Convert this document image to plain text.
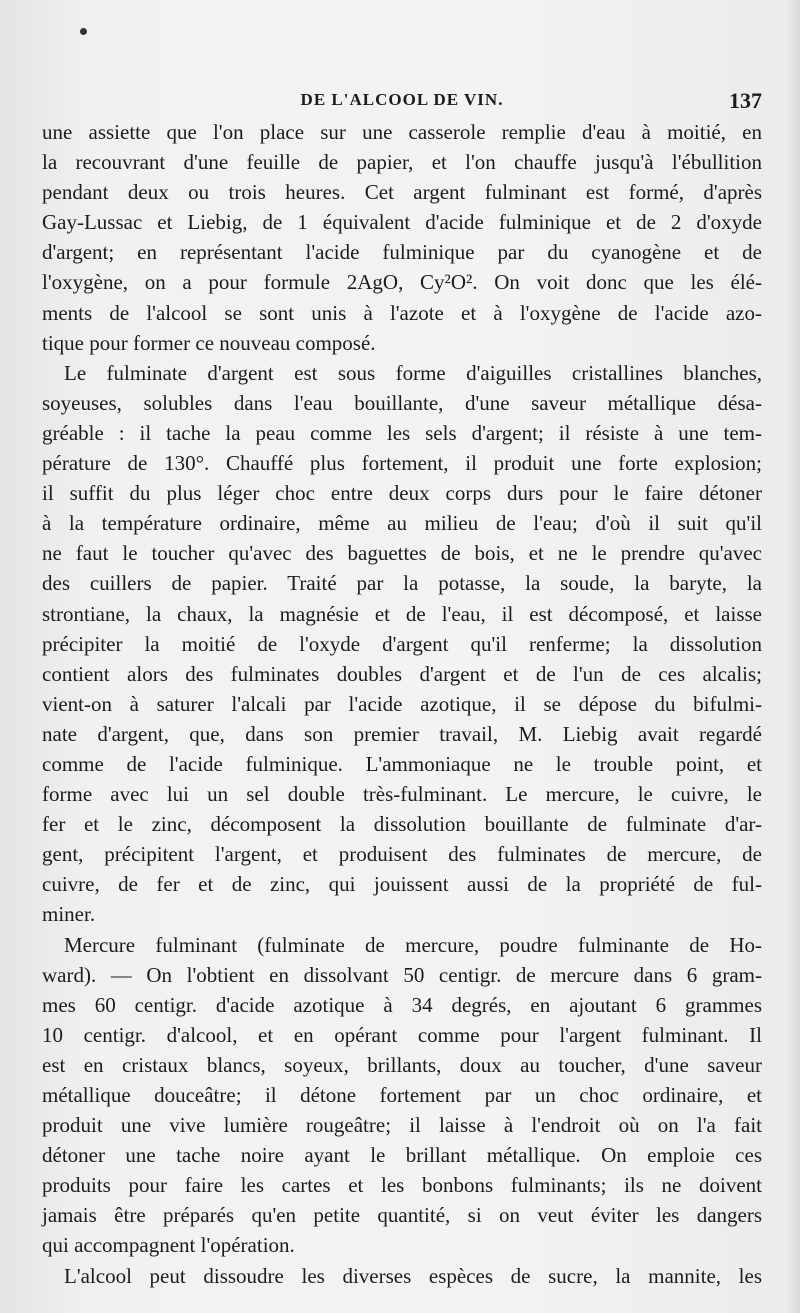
DE L'ALCOOL DE VIN.	137
une assiette que l'on place sur une casserole remplie d'eau à moitié, en
la recouvrant d'une feuille de papier, et l'on chauffe jusqu'à l'ébullition
pendant deux ou trois heures. Cet argent fulminant est formé, d'après
Gay-Lussac et Liebig, de 1 équivalent d'acide fulminique et de 2 d'oxyde
d'argent; en représentant l'acide fulminique par du cyanogène et de
l'oxygène, on a pour formule 2AgO, Cy²O². On voit donc que les élé-
ments de l'alcool se sont unis à l'azote et à l'oxygène de l'acide azo-
tique pour former ce nouveau composé.
Le fulminate d'argent est sous forme d'aiguilles cristallines blanches,
soyeuses, solubles dans l'eau bouillante, d'une saveur métallique désa-
gréable : il tache la peau comme les sels d'argent; il résiste à une tem-
pérature de 130°. Chauffé plus fortement, il produit une forte explosion;
il suffit du plus léger choc entre deux corps durs pour le faire détoner
à la température ordinaire, même au milieu de l'eau; d'où il suit qu'il
ne faut le toucher qu'avec des baguettes de bois, et ne le prendre qu'avec
des cuillers de papier. Traité par la potasse, la soude, la baryte, la
strontiane, la chaux, la magnésie et de l'eau, il est décomposé, et laisse
précipiter la moitié de l'oxyde d'argent qu'il renferme; la dissolution
contient alors des fulminates doubles d'argent et de l'un de ces alcalis;
vient-on à saturer l'alcali par l'acide azotique, il se dépose du bifulmi-
nate d'argent, que, dans son premier travail, M. Liebig avait regardé
comme de l'acide fulminique. L'ammoniaque ne le trouble point, et
forme avec lui un sel double très-fulminant. Le mercure, le cuivre, le
fer et le zinc, décomposent la dissolution bouillante de fulminate d'ar-
gent, précipitent l'argent, et produisent des fulminates de mercure, de
cuivre, de fer et de zinc, qui jouissent aussi de la propriété de ful-
miner.
Mercure fulminant (fulminate de mercure, poudre fulminante de Ho-
ward). — On l'obtient en dissolvant 50 centigr. de mercure dans 6 gram-
mes 60 centigr. d'acide azotique à 34 degrés, en ajoutant 6 grammes
10 centigr. d'alcool, et en opérant comme pour l'argent fulminant. Il
est en cristaux blancs, soyeux, brillants, doux au toucher, d'une saveur
métallique douceâtre; il détone fortement par un choc ordinaire, et
produit une vive lumière rougeâtre; il laisse à l'endroit où on l'a fait
détoner une tache noire ayant le brillant métallique. On emploie ces
produits pour faire les cartes et les bonbons fulminants; ils ne doivent
jamais être préparés qu'en petite quantité, si on veut éviter les dangers
qui accompagnent l'opération.
L'alcool peut dissoudre les diverses espèces de sucre, la mannite, les
